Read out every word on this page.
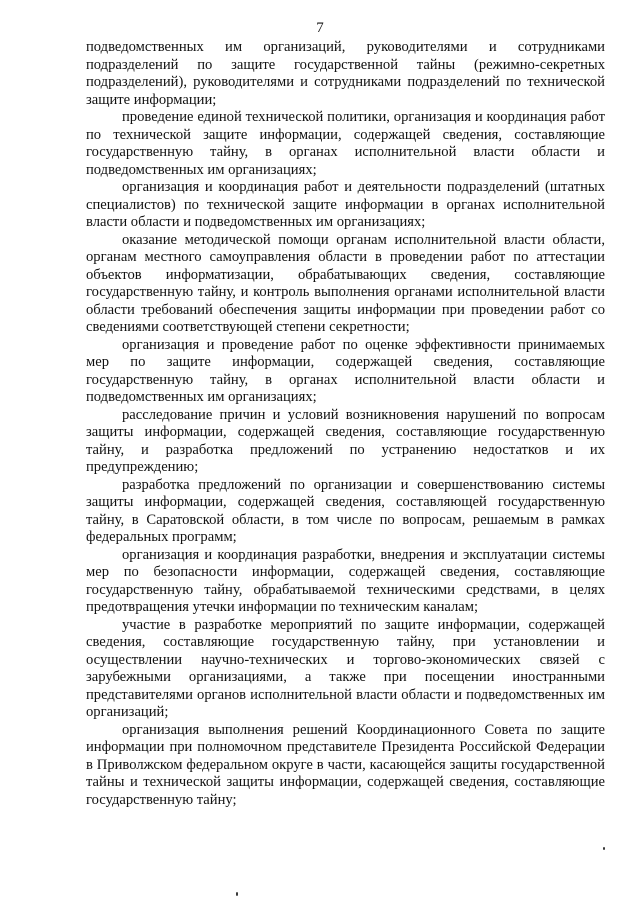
7

подведомственных им организаций, руководителями и сотрудниками подразделений по защите государственной тайны (режимно-секретных подразделений), руководителями и сотрудниками подразделений по технической защите информации;

проведение единой технической политики, организация и координация работ по технической защите информации, содержащей сведения, составляющие государственную тайну, в органах исполнительной власти области и подведомственных им организациях;

организация и координация работ и деятельности подразделений (штатных специалистов) по технической защите информации в органах исполнительной власти области и подведомственных им организациях;

оказание методической помощи органам исполнительной власти области, органам местного самоуправления области в проведении работ по аттестации объектов информатизации, обрабатывающих сведения, составляющие государственную тайну, и контроль выполнения органами исполнительной власти области требований обеспечения защиты информации при проведении работ со сведениями соответствующей степени секретности;

организация и проведение работ по оценке эффективности принимаемых мер по защите информации, содержащей сведения, составляющие государственную тайну, в органах исполнительной власти области и подведомственных им организациях;

расследование причин и условий возникновения нарушений по вопросам защиты информации, содержащей сведения, составляющие государственную тайну, и разработка предложений по устранению недостатков и их предупреждению;

разработка предложений по организации и совершенствованию системы защиты информации, содержащей сведения, составляющей государственную тайну, в Саратовской области, в том числе по вопросам, решаемым в рамках федеральных программ;

организация и координация разработки, внедрения и эксплуатации системы мер по безопасности информации, содержащей сведения, составляющие государственную тайну, обрабатываемой техническими средствами, в целях предотвращения утечки информации по техническим каналам;

участие в разработке мероприятий по защите информации, содержащей сведения, составляющие государственную тайну, при установлении и осуществлении научно-технических и торгово-экономических связей с зарубежными организациями, а также при посещении иностранными представителями органов исполнительной власти области и подведомственных им организаций;

организация выполнения решений Координационного Совета по защите информации при полномочном представителе Президента Российской Федерации в Приволжском федеральном округе в части, касающейся защиты государственной тайны и технической защиты информации, содержащей сведения, составляющие государственную тайну;
